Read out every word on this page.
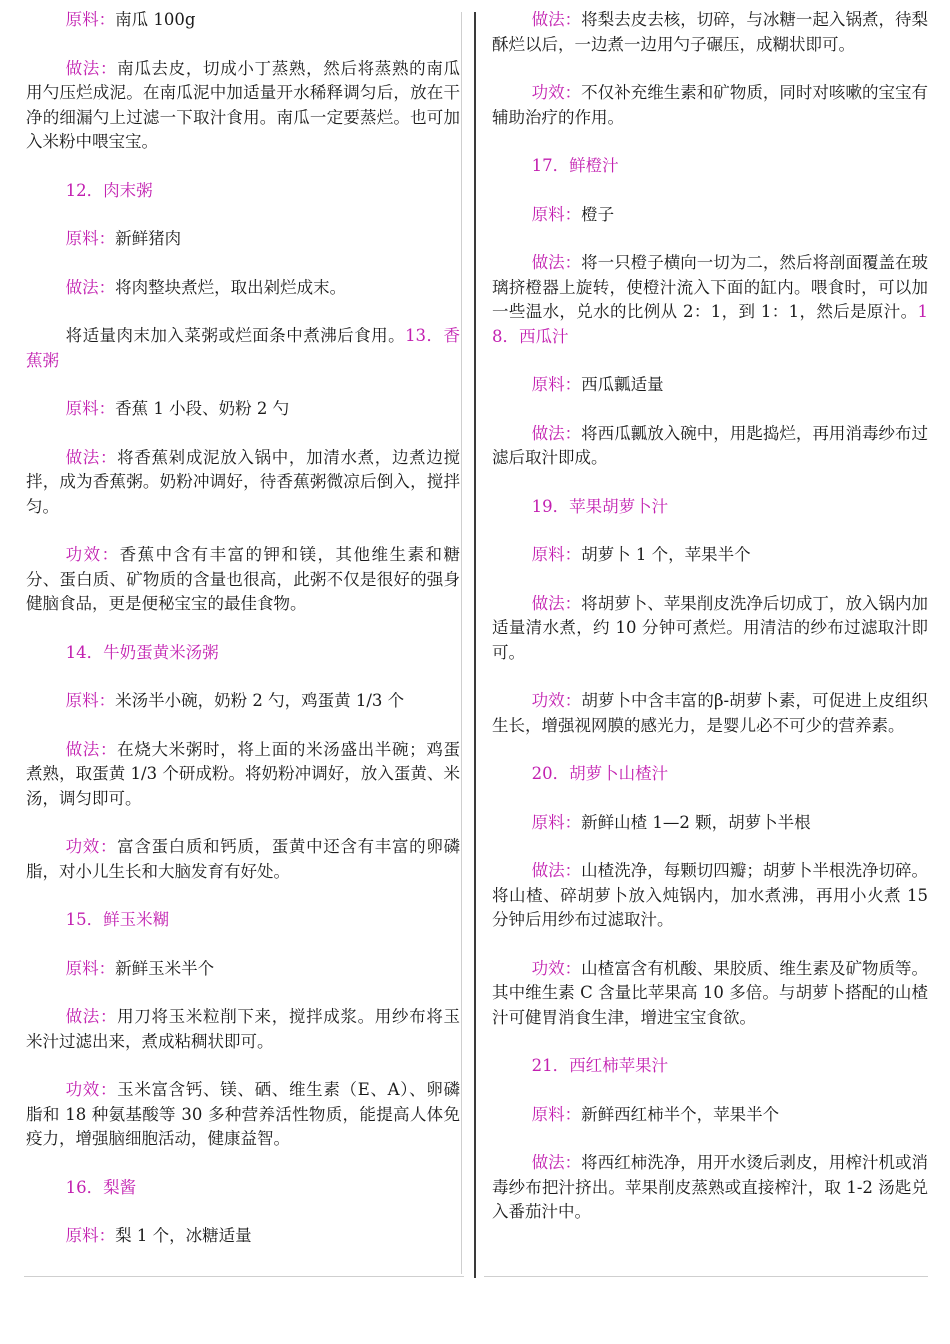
原料：南瓜 100g

做法：南瓜去皮，切成小丁蒸熟，然后将蒸熟的南瓜用勺压烂成泥。在南瓜泥中加适量开水稀释调匀后，放在干净的细漏勺上过滤一下取汁食用。南瓜一定要蒸烂。也可加入米粉中喂宝宝。

12．肉末粥

原料：新鲜猪肉

做法：将肉整块煮烂，取出剁烂成末。

将适量肉末加入菜粥或烂面条中煮沸后食用。13．香蕉粥

原料：香蕉 1 小段、奶粉 2 勺

做法：将香蕉剁成泥放入锅中，加清水煮，边煮边搅拌，成为香蕉粥。奶粉冲调好，待香蕉粥微凉后倒入，搅拌匀。

功效：香蕉中含有丰富的钾和镁，其他维生素和糖分、蛋白质、矿物质的含量也很高，此粥不仅是很好的强身健脑食品，更是便秘宝宝的最佳食物。

14．牛奶蛋黄米汤粥

原料：米汤半小碗，奶粉 2 勺，鸡蛋黄 1/3 个

做法：在烧大米粥时，将上面的米汤盛出半碗；鸡蛋煮熟，取蛋黄 1/3 个研成粉。将奶粉冲调好，放入蛋黄、米汤，调匀即可。

功效：富含蛋白质和钙质，蛋黄中还含有丰富的卵磷脂，对小儿生长和大脑发育有好处。

15．鲜玉米糊

原料：新鲜玉米半个

做法：用刀将玉米粒削下来，搅拌成浆。用纱布将玉米汁过滤出来，煮成粘稠状即可。

功效：玉米富含钙、镁、硒、维生素（E、A）、卵磷脂和 18 种氨基酸等 30 多种营养活性物质，能提高人体免疫力，增强脑细胞活动，健康益智。

16．梨酱

原料：梨 1 个，冰糖适量

做法：将梨去皮去核，切碎，与冰糖一起入锅煮，待梨酥烂以后，一边煮一边用勺子碾压，成糊状即可。

功效：不仅补充维生素和矿物质，同时对咳嗽的宝宝有辅助治疗的作用。

17．鲜橙汁

原料：橙子

做法：将一只橙子横向一切为二，然后将剖面覆盖在玻璃挤橙器上旋转，使橙汁流入下面的缸内。喂食时，可以加一些温水，兑水的比例从 2：1，到 1：1，然后是原汁。18．西瓜汁

原料：西瓜瓤适量

做法：将西瓜瓤放入碗中，用匙捣烂，再用消毒纱布过滤后取汁即成。

19．苹果胡萝卜汁

原料：胡萝卜 1 个，苹果半个

做法：将胡萝卜、苹果削皮洗净后切成丁，放入锅内加适量清水煮，约 10 分钟可煮烂。用清洁的纱布过滤取汁即可。

功效：胡萝卜中含丰富的β-胡萝卜素，可促进上皮组织生长，增强视网膜的感光力，是婴儿必不可少的营养素。

20．胡萝卜山楂汁

原料：新鲜山楂 1—2 颗，胡萝卜半根

做法：山楂洗净，每颗切四瓣；胡萝卜半根洗净切碎。将山楂、碎胡萝卜放入炖锅内，加水煮沸，再用小火煮 15 分钟后用纱布过滤取汁。

功效：山楂富含有机酸、果胶质、维生素及矿物质等。其中维生素 C 含量比苹果高 10 多倍。与胡萝卜搭配的山楂汁可健胃消食生津，增进宝宝食欲。

21．西红柿苹果汁

原料：新鲜西红柿半个，苹果半个

做法：将西红柿洗净，用开水烫后剥皮，用榨汁机或消毒纱布把汁挤出。苹果削皮蒸熟或直接榨汁，取 1-2 汤匙兑入番茄汁中。
